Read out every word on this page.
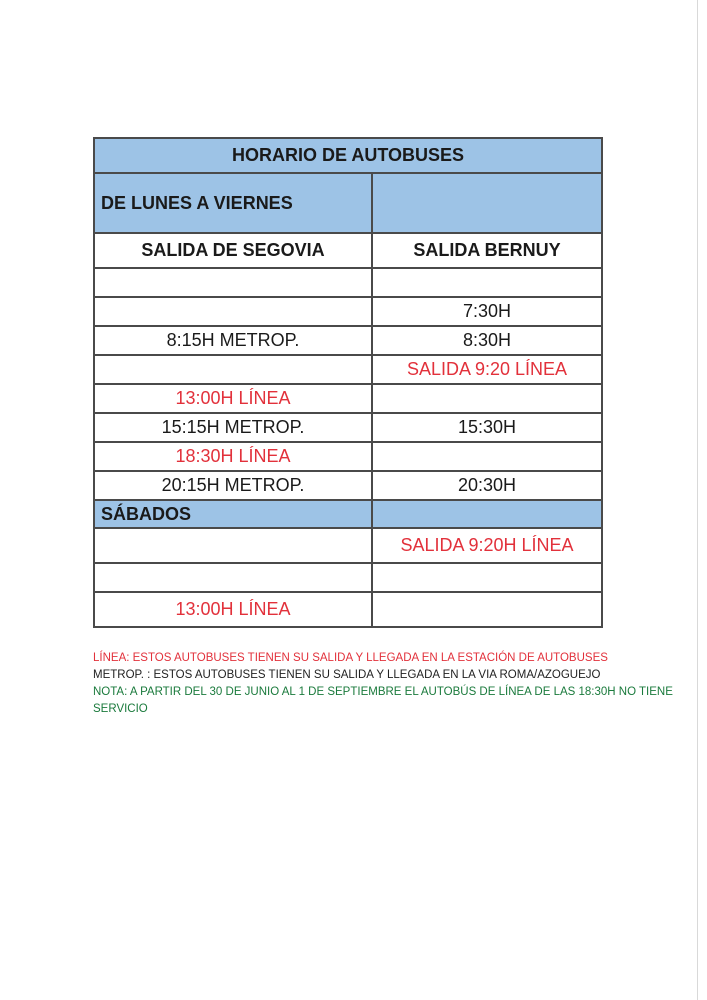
HORARIO DE AUTOBUSES	
DE LUNES A VIERNES	
SALIDA DE SEGOVIA	SALIDA BERNUY

	7:30H
8:15H METROP.	8:30H
	SALIDA 9:20 LÍNEA
13:00H LÍNEA	
15:15H METROP.	15:30H
18:30H LÍNEA	
20:15H METROP.	20:30H
SÁBADOS	
	SALIDA 9:20H LÍNEA

13:00H LÍNEA	
LÍNEA: ESTOS AUTOBUSES TIENEN SU SALIDA Y LLEGADA EN LA ESTACIÓN DE AUTOBUSES
METROP. : ESTOS AUTOBUSES TIENEN SU SALIDA Y LLEGADA EN LA VIA ROMA/AZOGUEJO
NOTA: A PARTIR DEL 30 DE JUNIO AL 1 DE SEPTIEMBRE EL AUTOBÚS DE LÍNEA DE LAS 18:30H NO TIENE SERVICIO
